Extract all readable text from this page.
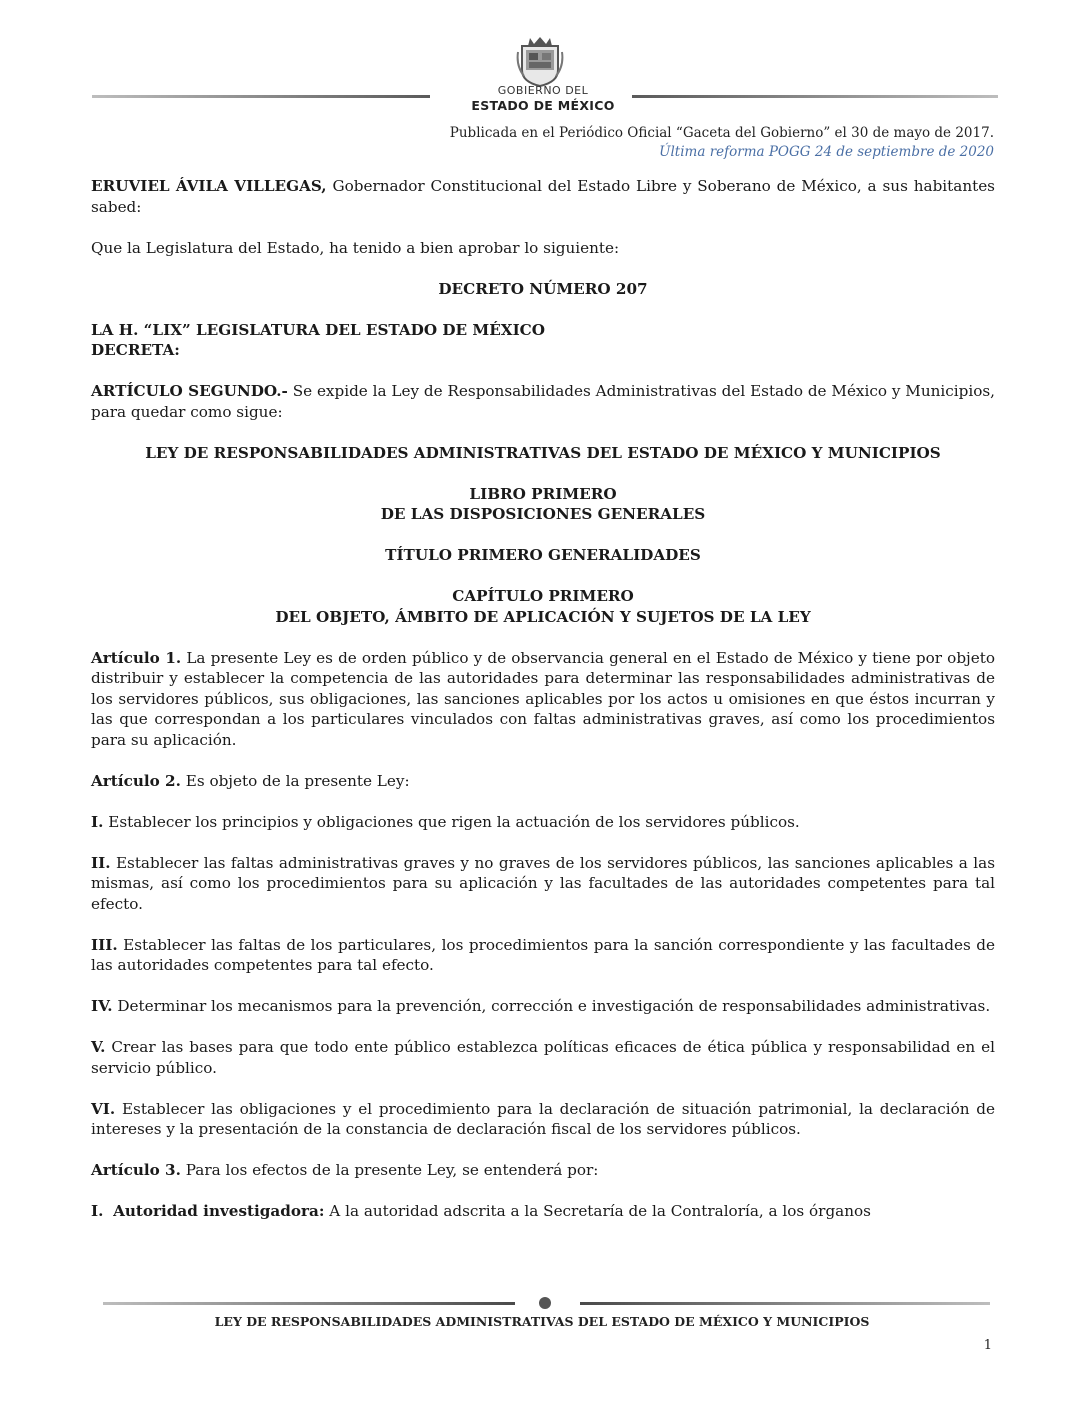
GOBIERNO DEL
ESTADO DE MÉXICO
Publicada en el Periódico Oficial “Gaceta del Gobierno” el 30 de mayo de 2017.
Última reforma POGG 24 de septiembre de 2020

ERUVIEL ÁVILA VILLEGAS, Gobernador Constitucional del Estado Libre y Soberano de México, a sus habitantes sabed:

Que la Legislatura del Estado, ha tenido a bien aprobar lo siguiente:

DECRETO NÚMERO 207

LA H. “LIX” LEGISLATURA DEL ESTADO DE MÉXICO

DECRETA:

ARTÍCULO SEGUNDO.- Se expide la Ley de Responsabilidades Administrativas del Estado de México y Municipios, para quedar como sigue:

LEY DE RESPONSABILIDADES ADMINISTRATIVAS DEL ESTADO DE MÉXICO Y MUNICIPIOS

LIBRO PRIMERO

DE LAS DISPOSICIONES GENERALES

TÍTULO PRIMERO GENERALIDADES

CAPÍTULO PRIMERO

DEL OBJETO, ÁMBITO DE APLICACIÓN Y SUJETOS DE LA LEY

Artículo 1. La presente Ley es de orden público y de observancia general en el Estado de México y tiene por objeto distribuir y establecer la competencia de las autoridades para determinar las responsabilidades administrativas de los servidores públicos, sus obligaciones, las sanciones aplicables por los actos u omisiones en que éstos incurran y las que correspondan a los particulares vinculados con faltas administrativas graves, así como los procedimientos para su aplicación.

Artículo 2. Es objeto de la presente Ley:

I. Establecer los principios y obligaciones que rigen la actuación de los servidores públicos.

II. Establecer las faltas administrativas graves y no graves de los servidores públicos, las sanciones aplicables a las mismas, así como los procedimientos para su aplicación y las facultades de las autoridades competentes para tal efecto.

III. Establecer las faltas de los particulares, los procedimientos para la sanción correspondiente y las facultades de las autoridades competentes para tal efecto.

IV. Determinar los mecanismos para la prevención, corrección e investigación de responsabilidades administrativas.

V. Crear las bases para que todo ente público establezca políticas eficaces de ética pública y responsabilidad en el servicio público.

VI. Establecer las obligaciones y el procedimiento para la declaración de situación patrimonial, la declaración de intereses y la presentación de la constancia de declaración fiscal de los servidores públicos.

Artículo 3. Para los efectos de la presente Ley, se entenderá por:

I. Autoridad investigadora: A la autoridad adscrita a la Secretaría de la Contraloría, a los órganos

LEY DE RESPONSABILIDADES ADMINISTRATIVAS DEL ESTADO DE MÉXICO Y MUNICIPIOS
1
